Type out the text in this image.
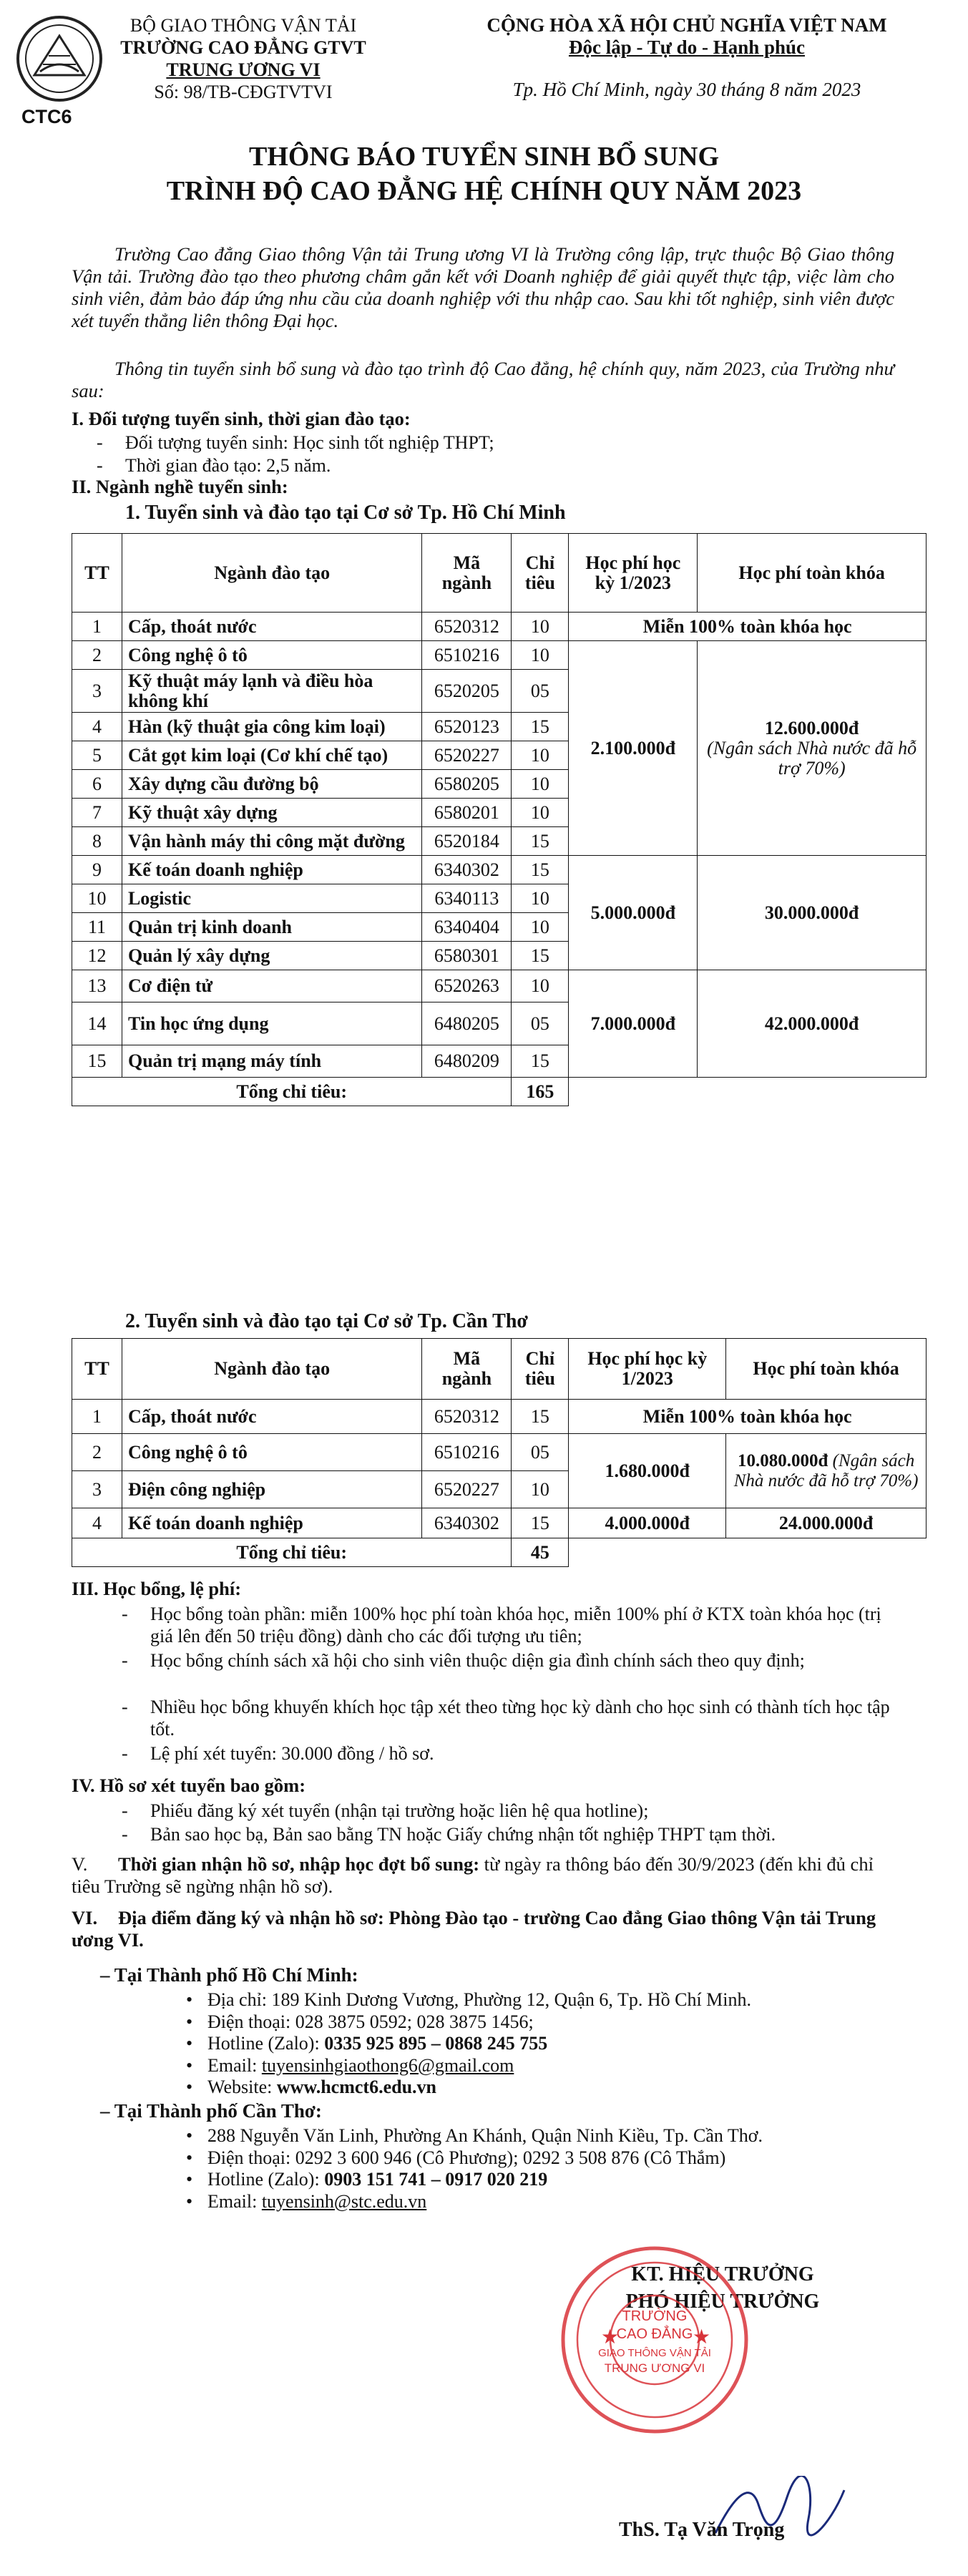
CTC6
BỘ GIAO THÔNG VẬN TẢI
TRƯỜNG CAO ĐẲNG GTVT
TRUNG ƯƠNG VI
Số: 98/TB-CĐGTVTVI
CỘNG HÒA XÃ HỘI CHỦ NGHĨA VIỆT NAM
Độc lập - Tự do - Hạnh phúc
Tp. Hồ Chí Minh, ngày 30 tháng 8 năm 2023
THÔNG BÁO TUYỂN SINH BỔ SUNG
TRÌNH ĐỘ CAO ĐẲNG HỆ CHÍNH QUY NĂM 2023
Trường Cao đẳng Giao thông Vận tải Trung ương VI là Trường công lập, trực thuộc Bộ Giao thông Vận tải. Trường đào tạo theo phương châm gắn kết với Doanh nghiệp để giải quyết thực tập, việc làm cho sinh viên, đảm bảo đáp ứng nhu cầu của doanh nghiệp với thu nhập cao. Sau khi tốt nghiệp, sinh viên được xét tuyển thẳng liên thông Đại học.
Thông tin tuyển sinh bổ sung và đào tạo trình độ Cao đẳng, hệ chính quy, năm 2023, của Trường như sau:
I. Đối tượng tuyển sinh, thời gian đào tạo:
- Đối tượng tuyển sinh: Học sinh tốt nghiệp THPT;
- Thời gian đào tạo: 2,5 năm.
II. Ngành nghề tuyển sinh:
1. Tuyển sinh và đào tạo tại Cơ sở Tp. Hồ Chí Minh
TT	Ngành đào tạo	Mã ngành	Chỉ tiêu	Học phí học kỳ 1/2023	Học phí toàn khóa
1	Cấp, thoát nước	6520312	10	Miễn 100% toàn khóa học	
2	Công nghệ ô tô	6510216	10	2.100.000đ	12.600.000đ
(Ngân sách Nhà nước đã hỗ trợ 70%)

3	Kỹ thuật máy lạnh và điều hòa không khí	6520205	05		
4	Hàn (kỹ thuật gia công kim loại)	6520123	15		
5	Cắt gọt kim loại (Cơ khí chế tạo)	6520227	10		
6	Xây dựng cầu đường bộ	6580205	10		
7	Kỹ thuật xây dựng	6580201	10		
8	Vận hành máy thi công mặt đường	6520184	15		
9	Kế toán doanh nghiệp	6340302	15	5.000.000đ	30.000.000đ
10	Logistic	6340113	10		
11	Quản trị kinh doanh	6340404	10		
12	Quản lý xây dựng	6580301	15		
13	Cơ điện tử	6520263	10	7.000.000đ	42.000.000đ
14	Tin học ứng dụng	6480205	05		
15	Quản trị mạng máy tính	6480209	15		
Tổng chỉ tiêu:			165		
2. Tuyển sinh và đào tạo tại Cơ sở Tp. Cần Thơ
TT	Ngành đào tạo	Mã ngành	Chỉ tiêu	Học phí học kỳ 1/2023	Học phí toàn khóa
1	Cấp, thoát nước	6520312	15	Miễn 100% toàn khóa học	
2	Công nghệ ô tô	6510216	05	1.680.000đ	10.080.000đ (Ngân sách Nhà nước đã hỗ trợ 70%)
3	Điện công nghiệp	6520227	10		
4	Kế toán doanh nghiệp	6340302	15	4.000.000đ	24.000.000đ
Tổng chỉ tiêu:			45		
III. Học bổng, lệ phí:
- Học bổng toàn phần: miễn 100% học phí toàn khóa học, miễn 100% phí ở KTX toàn khóa học (trị giá lên đến 50 triệu đồng) dành cho các đối tượng ưu tiên;
- Học bổng chính sách xã hội cho sinh viên thuộc diện gia đình chính sách theo quy định;
- Nhiều học bổng khuyến khích học tập xét theo từng học kỳ dành cho học sinh có thành tích học tập tốt.
- Lệ phí xét tuyển: 30.000 đồng / hồ sơ.
IV. Hồ sơ xét tuyển bao gồm:
- Phiếu đăng ký xét tuyển (nhận tại trường hoặc liên hệ qua hotline);
- Bản sao học bạ, Bản sao bằng TN hoặc Giấy chứng nhận tốt nghiệp THPT tạm thời.
V. Thời gian nhận hồ sơ, nhập học đợt bổ sung: từ ngày ra thông báo đến 30/9/2023 (đến khi đủ chỉ tiêu Trường sẽ ngừng nhận hồ sơ).
VI. Địa điểm đăng ký và nhận hồ sơ: Phòng Đào tạo - trường Cao đẳng Giao thông Vận tải Trung ương VI.
– Tại Thành phố Hồ Chí Minh:
• Địa chỉ: 189 Kinh Dương Vương, Phường 12, Quận 6, Tp. Hồ Chí Minh.
• Điện thoại: 028 3875 0592; 028 3875 1456;
• Hotline (Zalo): 0335 925 895 – 0868 245 755
• Email: tuyensinhgiaothong6@gmail.com
• Website: www.hcmct6.edu.vn
– Tại Thành phố Cần Thơ:
• 288 Nguyễn Văn Linh, Phường An Khánh, Quận Ninh Kiều, Tp. Cần Thơ.
• Điện thoại: 0292 3 600 946 (Cô Phương); 0292 3 508 876 (Cô Thắm)
• Hotline (Zalo): 0903 151 741 – 0917 020 219
• Email: tuyensinh@stc.edu.vn
KT. HIỆU TRƯỞNG
PHÓ HIỆU TRƯỞNG
TRƯỜNG
CAO ĐẲNG
GIAO THÔNG VẬN TẢI
TRUNG ƯƠNG VI
★	★
ThS. Tạ Văn Trọng
